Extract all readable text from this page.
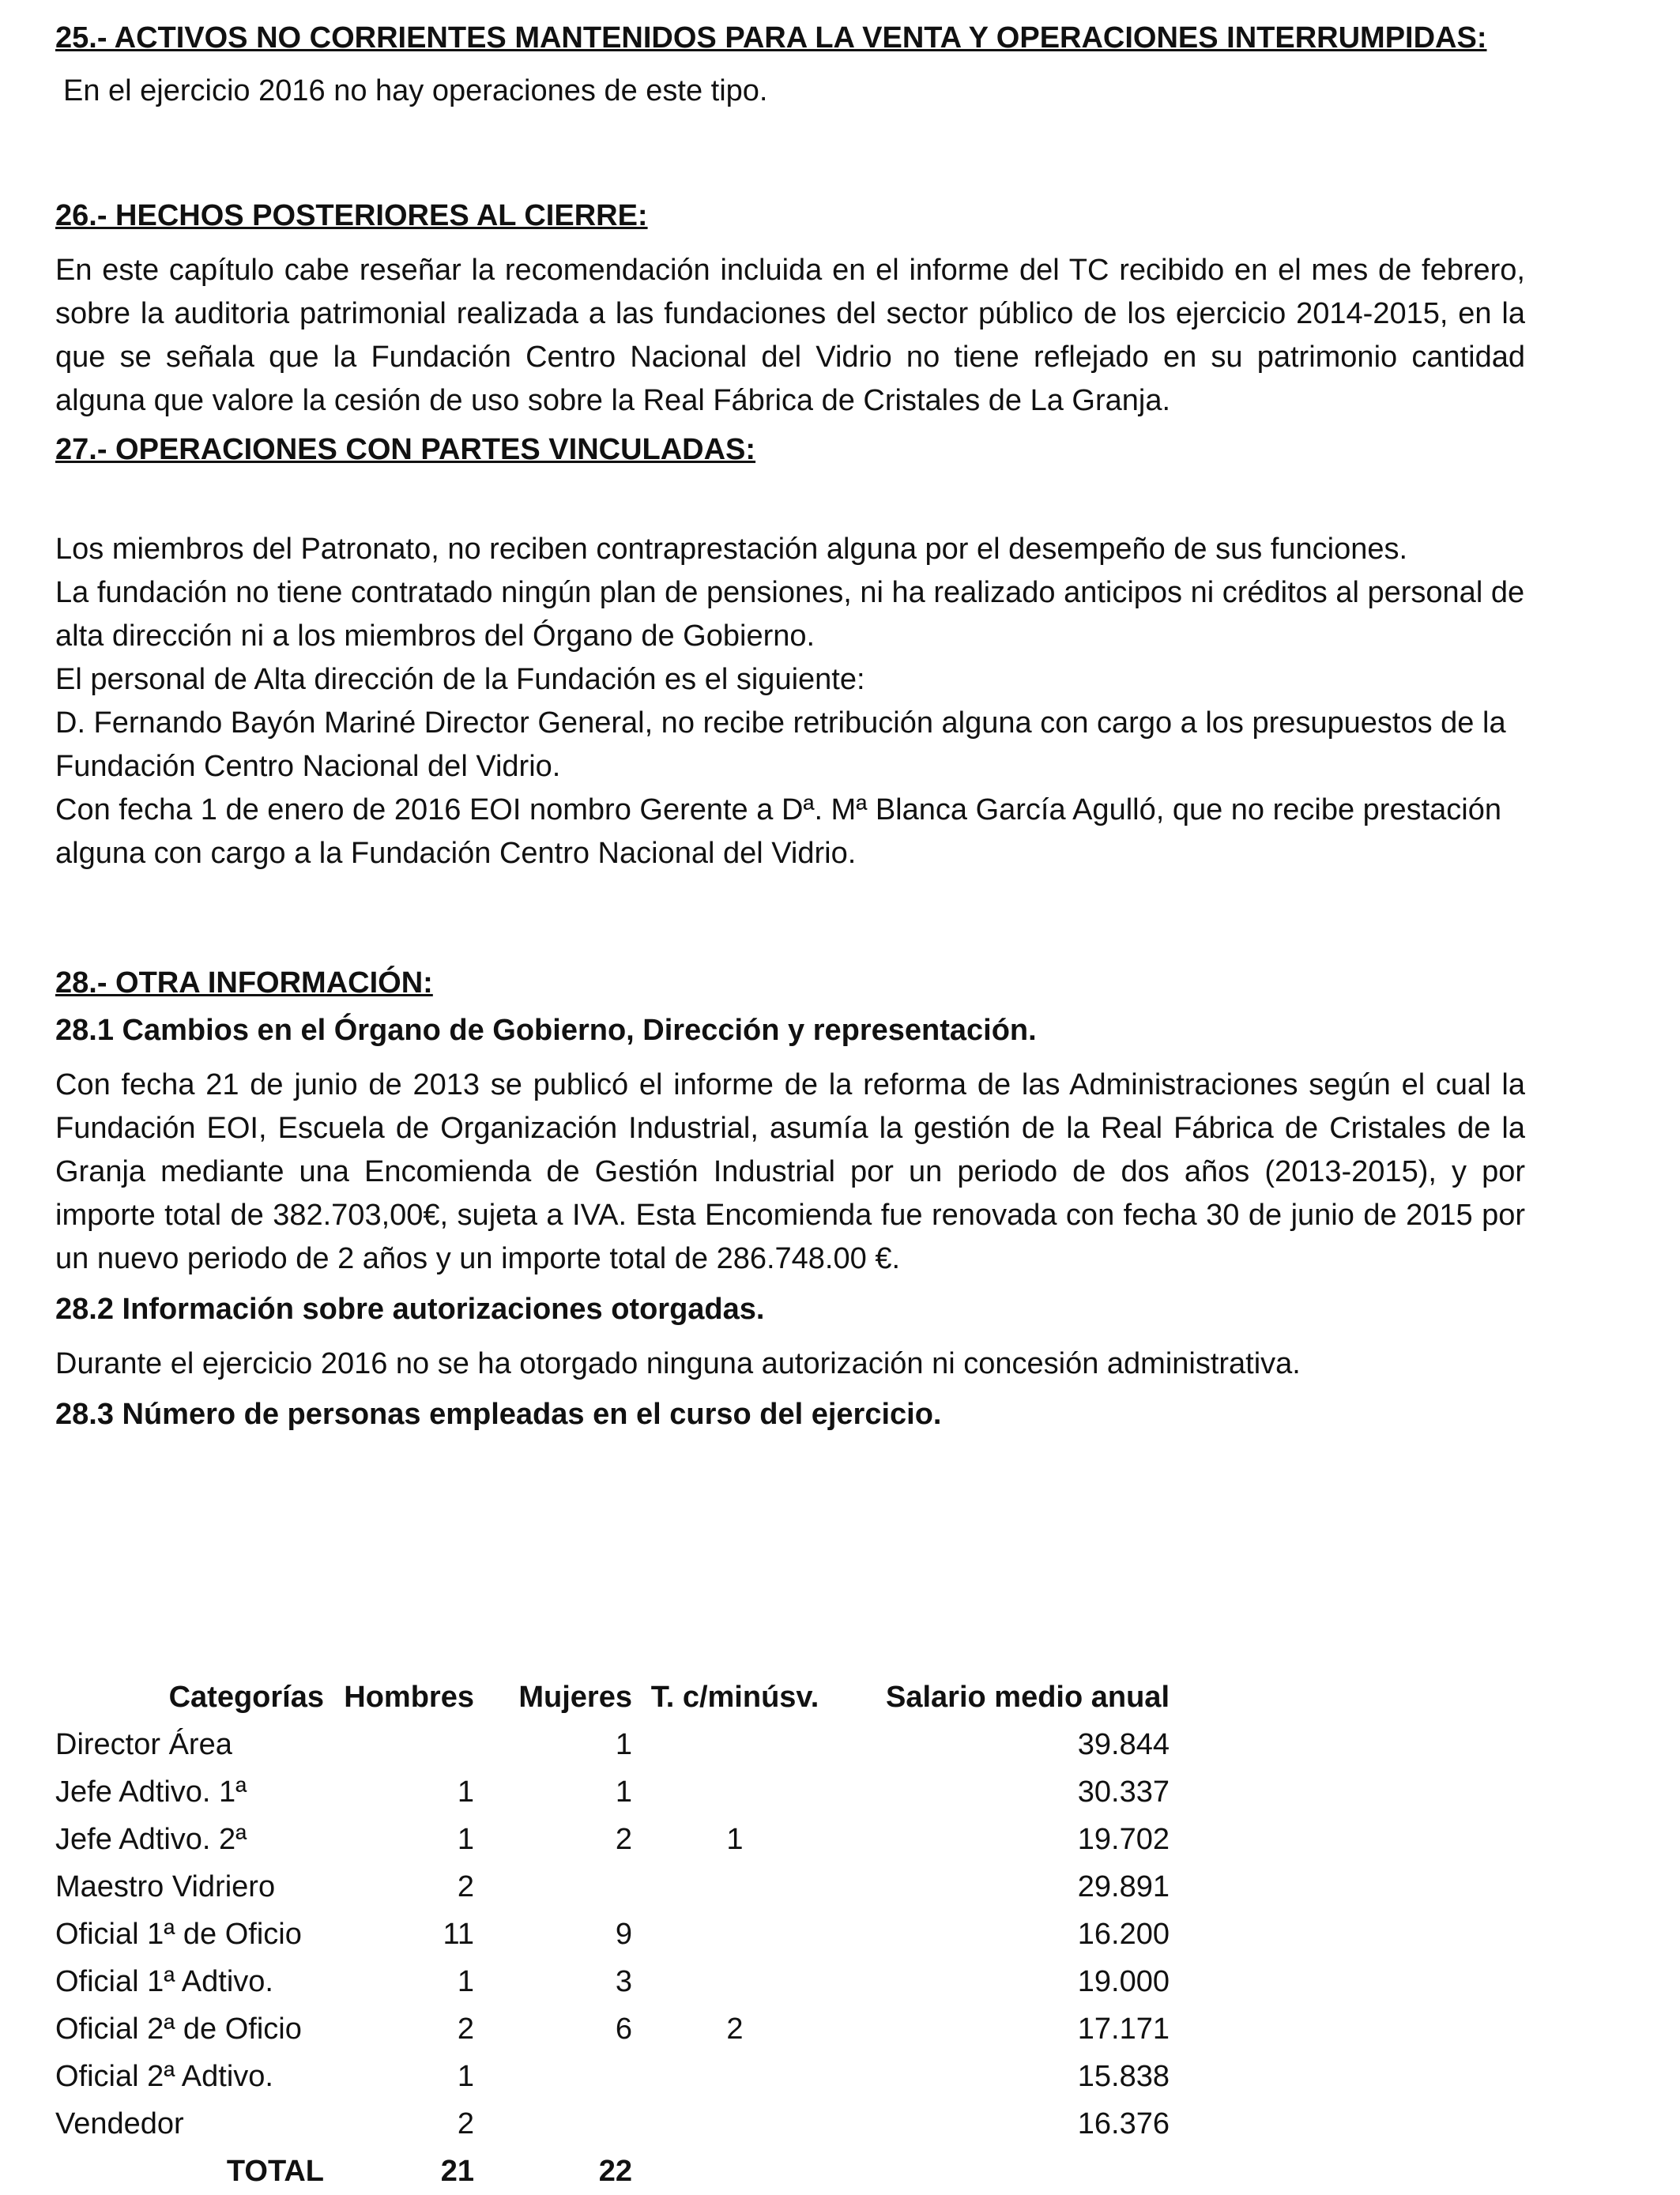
25.- ACTIVOS NO CORRIENTES MANTENIDOS PARA LA VENTA Y OPERACIONES INTERRUMPIDAS:

En el ejercicio 2016 no hay operaciones de este tipo.

26.- HECHOS POSTERIORES AL CIERRE:

En este capítulo cabe reseñar la recomendación incluida en el informe del TC recibido en el mes de febrero, sobre la auditoria patrimonial realizada a las fundaciones del sector público de los ejercicio 2014-2015, en la que se señala que la Fundación Centro Nacional del Vidrio no tiene reflejado en su patrimonio cantidad alguna que valore la cesión de uso sobre la Real Fábrica de Cristales de La Granja.

27.- OPERACIONES CON PARTES VINCULADAS:

Los miembros del Patronato, no reciben contraprestación alguna por el desempeño de sus funciones.

La fundación no tiene contratado ningún plan de pensiones, ni ha realizado anticipos ni créditos al personal de alta dirección ni a los miembros del Órgano de Gobierno.

El personal de Alta dirección de la Fundación es el siguiente:

D. Fernando Bayón Mariné Director General, no recibe retribución alguna con cargo a los presupuestos de la Fundación Centro Nacional del Vidrio.

Con fecha 1 de enero de 2016 EOI nombro Gerente a Dª. Mª Blanca García Agulló, que no recibe prestación alguna con cargo a la Fundación Centro Nacional del Vidrio.

28.- OTRA INFORMACIÓN:
28.1 Cambios en el Órgano de Gobierno, Dirección y representación.

Con fecha 21 de junio de 2013 se publicó el informe de la reforma de las Administraciones según el cual la Fundación EOI, Escuela de Organización Industrial, asumía la gestión de la Real Fábrica de Cristales de la Granja mediante una Encomienda de Gestión Industrial por un periodo de dos años (2013-2015), y por importe total de 382.703,00€, sujeta a IVA. Esta Encomienda fue renovada con fecha 30 de junio de 2015 por un nuevo periodo de 2 años y un importe total de 286.748.00 €.

28.2 Información sobre autorizaciones otorgadas.

Durante el ejercicio 2016 no se ha otorgado ninguna autorización ni concesión administrativa.

28.3 Número de personas empleadas en el curso del ejercicio.
Categorías	Hombres	Mujeres	T. c/minúsv.	Salario medio anual
Director Área		1		39.844
Jefe Adtivo. 1ª	1	1		30.337
Jefe Adtivo. 2ª	1	2	1	19.702
Maestro Vidriero	2			29.891
Oficial 1ª de Oficio	11	9		16.200
Oficial 1ª Adtivo.	1	3		19.000
Oficial 2ª de Oficio	2	6	2	17.171
Oficial 2ª Adtivo.	1			15.838
Vendedor	2			16.376
TOTAL	21	22		
